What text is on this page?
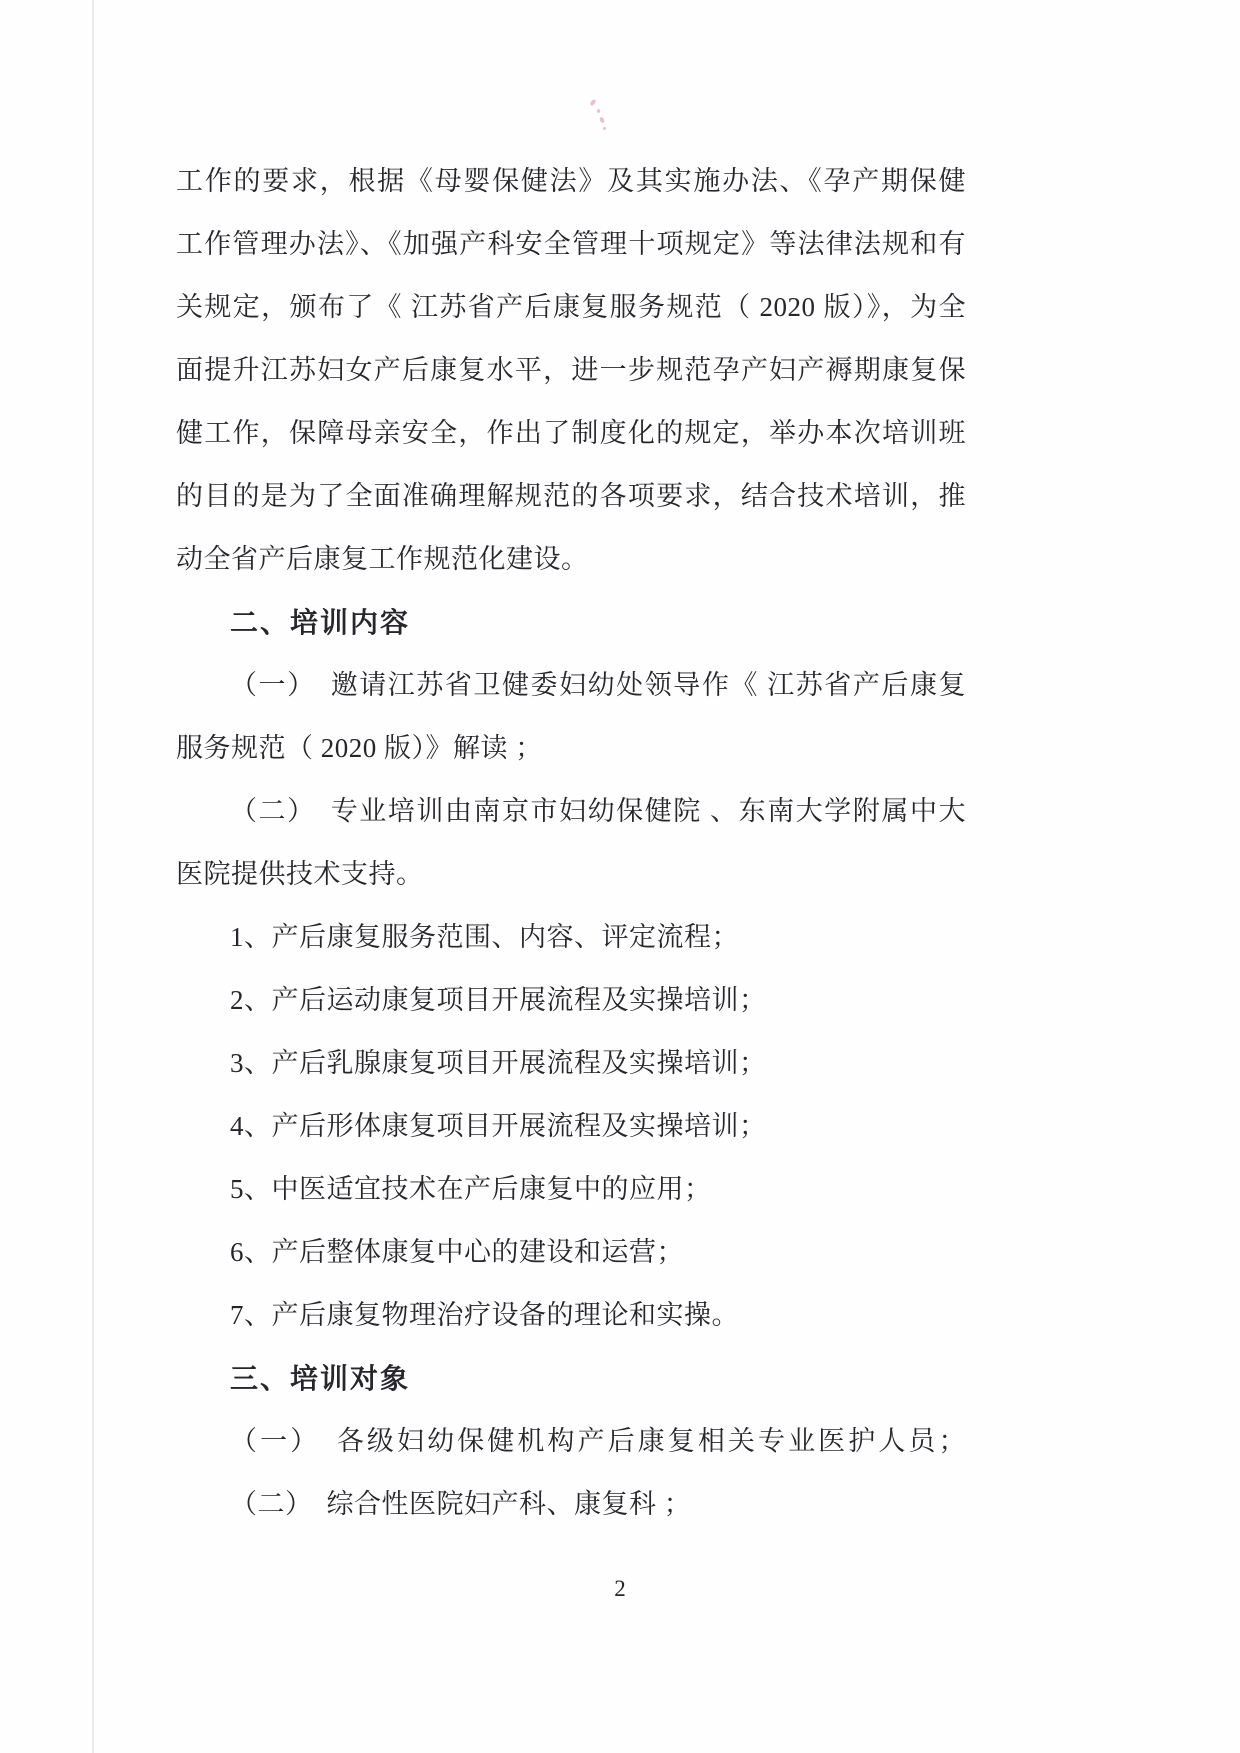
工作的要求，根据《母婴保健法》及其实施办法、《孕产期保健
工作管理办法》、《加强产科安全管理十项规定》等法律法规和有
关规定，颁布了《 江苏省产后康复服务规范（ 2020 版）》，为全
面提升江苏妇女产后康复水平，进一步规范孕产妇产褥期康复保
健工作，保障母亲安全，作出了制度化的规定，举办本次培训班
的目的是为了全面准确理解规范的各项要求，结合技术培训，推
动全省产后康复工作规范化建设。
二、培训内容
（一）　邀请江苏省卫健委妇幼处领导作《 江苏省产后康复
服务规范（ 2020 版）》解读 ；
（二）　专业培训由南京市妇幼保健院 、东南大学附属中大
医院提供技术支持。
1、产后康复服务范围、内容、评定流程；
2、产后运动康复项目开展流程及实操培训；
3、产后乳腺康复项目开展流程及实操培训；
4、产后形体康复项目开展流程及实操培训；
5、中医适宜技术在产后康复中的应用；
6、产后整体康复中心的建设和运营；
7、产后康复物理治疗设备的理论和实操。
三、培训对象
（一）　各级妇幼保健机构产后康复相关专业医护人员；
（二）　综合性医院妇产科、康复科 ；
2
